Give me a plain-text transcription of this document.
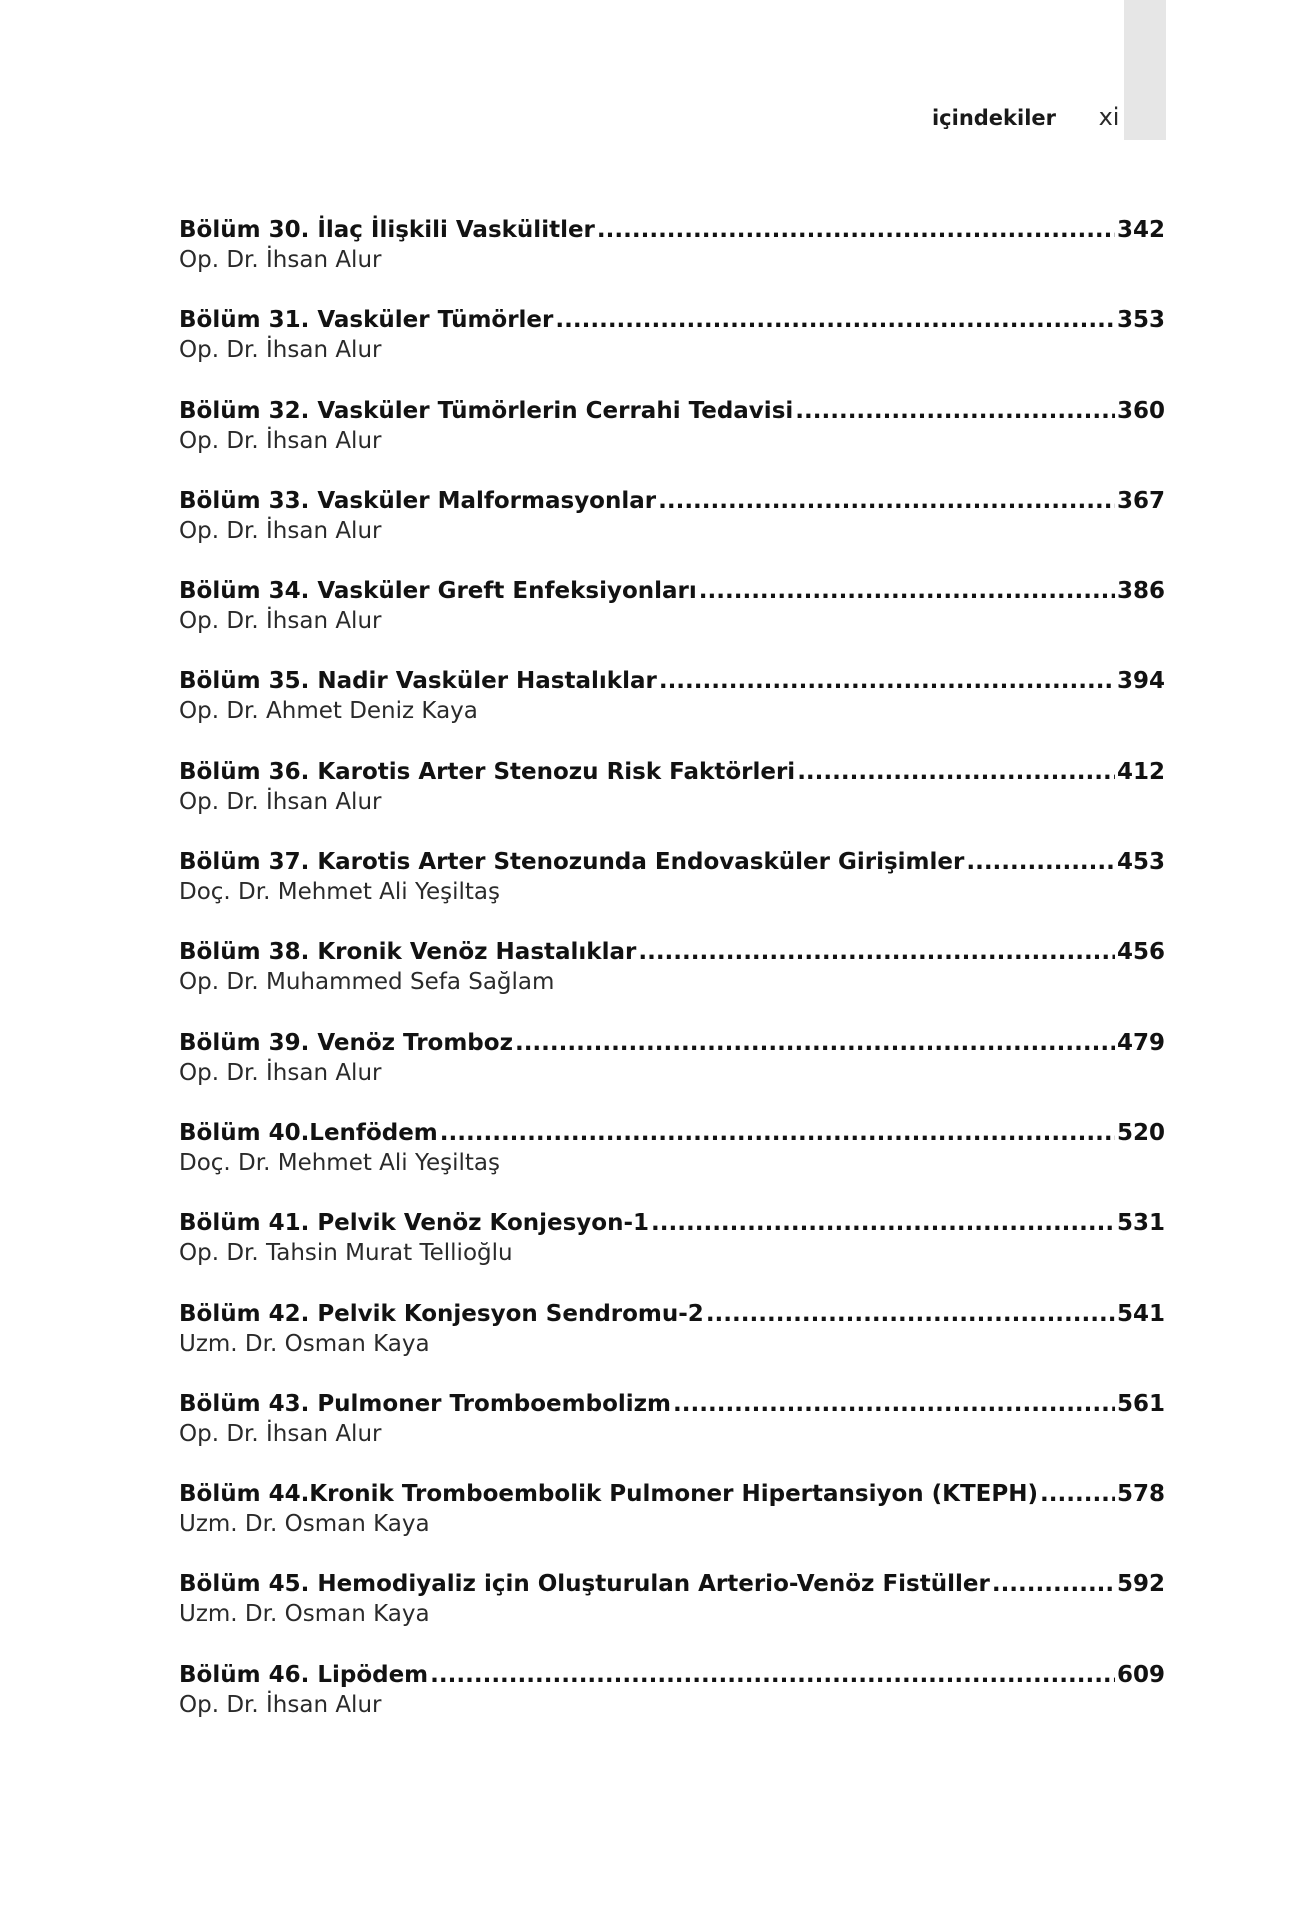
içindekiler xi
Bölüm 30. İlaç İlişkili Vaskülitler .....	342
Op. Dr. İhsan Alur
Bölüm 31. Vasküler Tümörler .....	353
Op. Dr. İhsan Alur
Bölüm 32. Vasküler Tümörlerin Cerrahi Tedavisi .....	360
Op. Dr. İhsan Alur
Bölüm 33. Vasküler Malformasyonlar .....	367
Op. Dr. İhsan Alur
Bölüm 34. Vasküler Greft Enfeksiyonları .....	386
Op. Dr. İhsan Alur
Bölüm 35. Nadir Vasküler Hastalıklar .....	394
Op. Dr. Ahmet Deniz Kaya
Bölüm 36. Karotis Arter Stenozu Risk Faktörleri .....	412
Op. Dr. İhsan Alur
Bölüm 37. Karotis Arter Stenozunda Endovasküler Girişimler .....	453
Doç. Dr. Mehmet Ali Yeşiltaş
Bölüm 38. Kronik Venöz Hastalıklar .....	456
Op. Dr. Muhammed Sefa Sağlam
Bölüm 39. Venöz Tromboz .....	479
Op. Dr. İhsan Alur
Bölüm 40.Lenfödem .....	520
Doç. Dr. Mehmet Ali Yeşiltaş
Bölüm 41. Pelvik Venöz Konjesyon-1 .....	531
Op. Dr. Tahsin Murat Tellioğlu
Bölüm 42. Pelvik Konjesyon Sendromu-2 .....	541
Uzm. Dr. Osman Kaya
Bölüm 43. Pulmoner Tromboembolizm .....	561
Op. Dr. İhsan Alur
Bölüm 44.Kronik Tromboembolik Pulmoner Hipertansiyon (KTEPH) .....	578
Uzm. Dr. Osman Kaya
Bölüm 45. Hemodiyaliz için Oluşturulan Arterio-Venöz Fistüller .....	592
Uzm. Dr. Osman Kaya
Bölüm 46. Lipödem .....	609
Op. Dr. İhsan Alur
